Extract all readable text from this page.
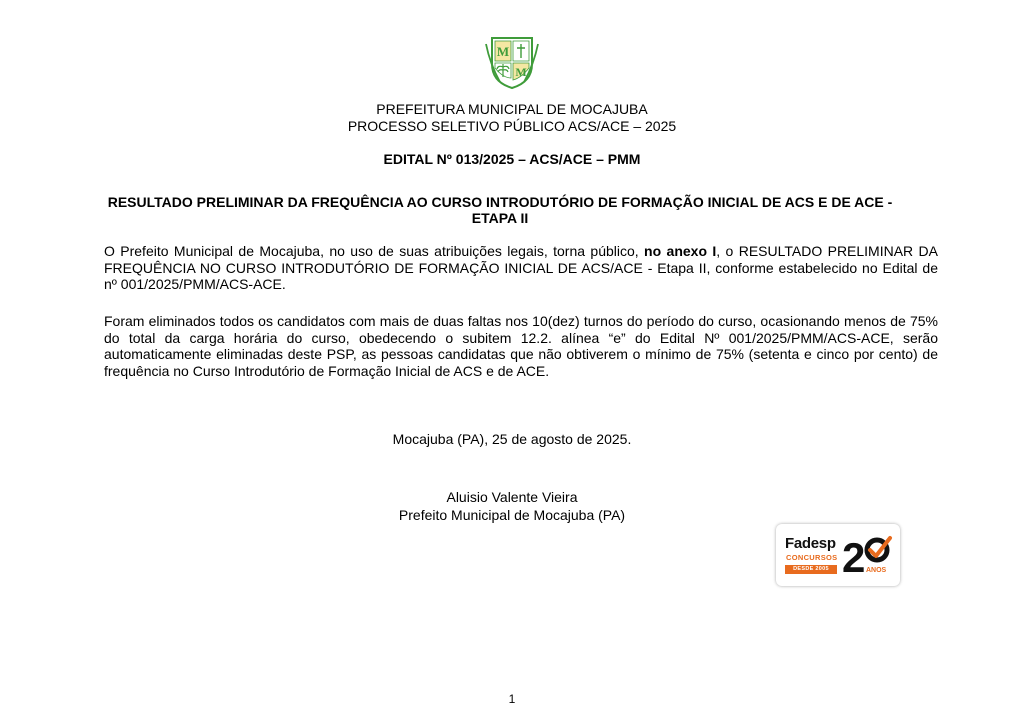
M
M
PREFEITURA MUNICIPAL DE MOCAJUBA
PROCESSO SELETIVO PÚBLICO ACS/ACE – 2025
EDITAL Nº 013/2025 – ACS/ACE – PMM
RESULTADO PRELIMINAR DA FREQUÊNCIA AO CURSO INTRODUTÓRIO DE FORMAÇÃO INICIAL DE ACS E DE ACE - ETAPA II
O Prefeito Municipal de Mocajuba, no uso de suas atribuições legais, torna público, no anexo I, o RESULTADO PRELIMINAR DA FREQUÊNCIA NO CURSO INTRODUTÓRIO DE FORMAÇÃO INICIAL DE ACS/ACE - Etapa II, conforme estabelecido no Edital de nº 001/2025/PMM/ACS-ACE.
Foram eliminados todos os candidatos com mais de duas faltas nos 10(dez) turnos do período do curso, ocasionando menos de 75% do total da carga horária do curso, obedecendo o subitem 12.2. alínea “e” do Edital Nº 001/2025/PMM/ACS-ACE, serão automaticamente eliminadas deste PSP, as pessoas candidatas que não obtiverem o mínimo de 75% (setenta e cinco por cento) de frequência no Curso Introdutório de Formação Inicial de ACS e de ACE.
Mocajuba (PA), 25 de agosto de 2025.
Aluisio Valente Vieira
Prefeito Municipal de Mocajuba (PA)
Fadesp
CONCURSOS
DESDE 2005 2 ANOS
1
